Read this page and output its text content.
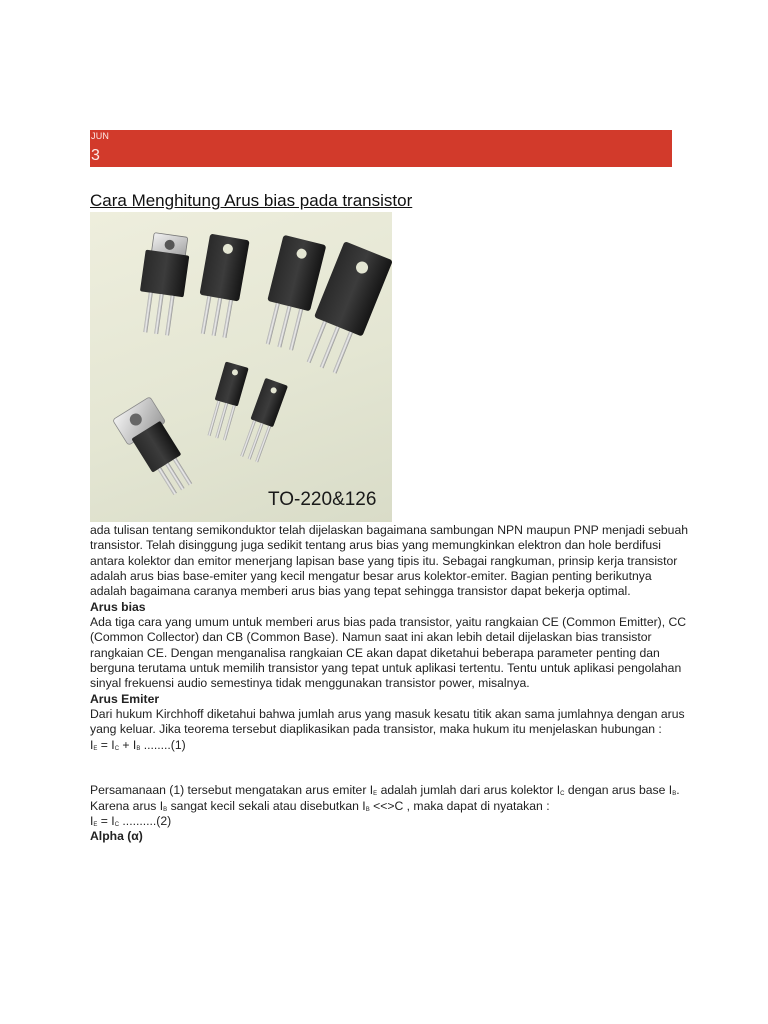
JUN
3
Cara Menghitung Arus bias pada transistor
TO-220&126

ada tulisan tentang semikonduktor telah dijelaskan bagaimana sambungan NPN maupun PNP menjadi sebuah transistor. Telah disinggung juga sedikit tentang arus bias yang memungkinkan elektron dan hole berdifusi antara kolektor dan emitor menerjang lapisan base yang tipis itu. Sebagai rangkuman, prinsip kerja transistor adalah arus bias base-emiter yang kecil mengatur besar arus kolektor-emiter. Bagian penting berikutnya adalah bagaimana caranya memberi arus bias yang tepat sehingga transistor dapat bekerja optimal.

Arus bias

Ada tiga cara yang umum untuk memberi arus bias pada transistor, yaitu rangkaian CE (Common Emitter), CC (Common Collector) dan CB (Common Base). Namun saat ini akan lebih detail dijelaskan bias transistor rangkaian CE. Dengan menganalisa rangkaian CE akan dapat diketahui beberapa parameter penting dan berguna terutama untuk memilih transistor yang tepat untuk aplikasi tertentu. Tentu untuk aplikasi pengolahan sinyal frekuensi audio semestinya tidak menggunakan transistor power, misalnya.

Arus Emiter

Dari hukum Kirchhoff diketahui bahwa jumlah arus yang masuk kesatu titik akan sama jumlahnya dengan arus yang keluar. Jika teorema tersebut diaplikasikan pada transistor, maka hukum itu menjelaskan hubungan :

$I_E = I_C + I_B$ ........(1)

Persamanaan (1) tersebut mengatakan arus emiter $I_E$ adalah jumlah dari arus kolektor $I_C$ dengan arus base $I_B$. Karena arus $I_B$ sangat kecil sekali atau disebutkan $I_B <<>C$ , maka dapat di nyatakan :

$I_E = I_C$ ..........(2)

Alpha (α)
